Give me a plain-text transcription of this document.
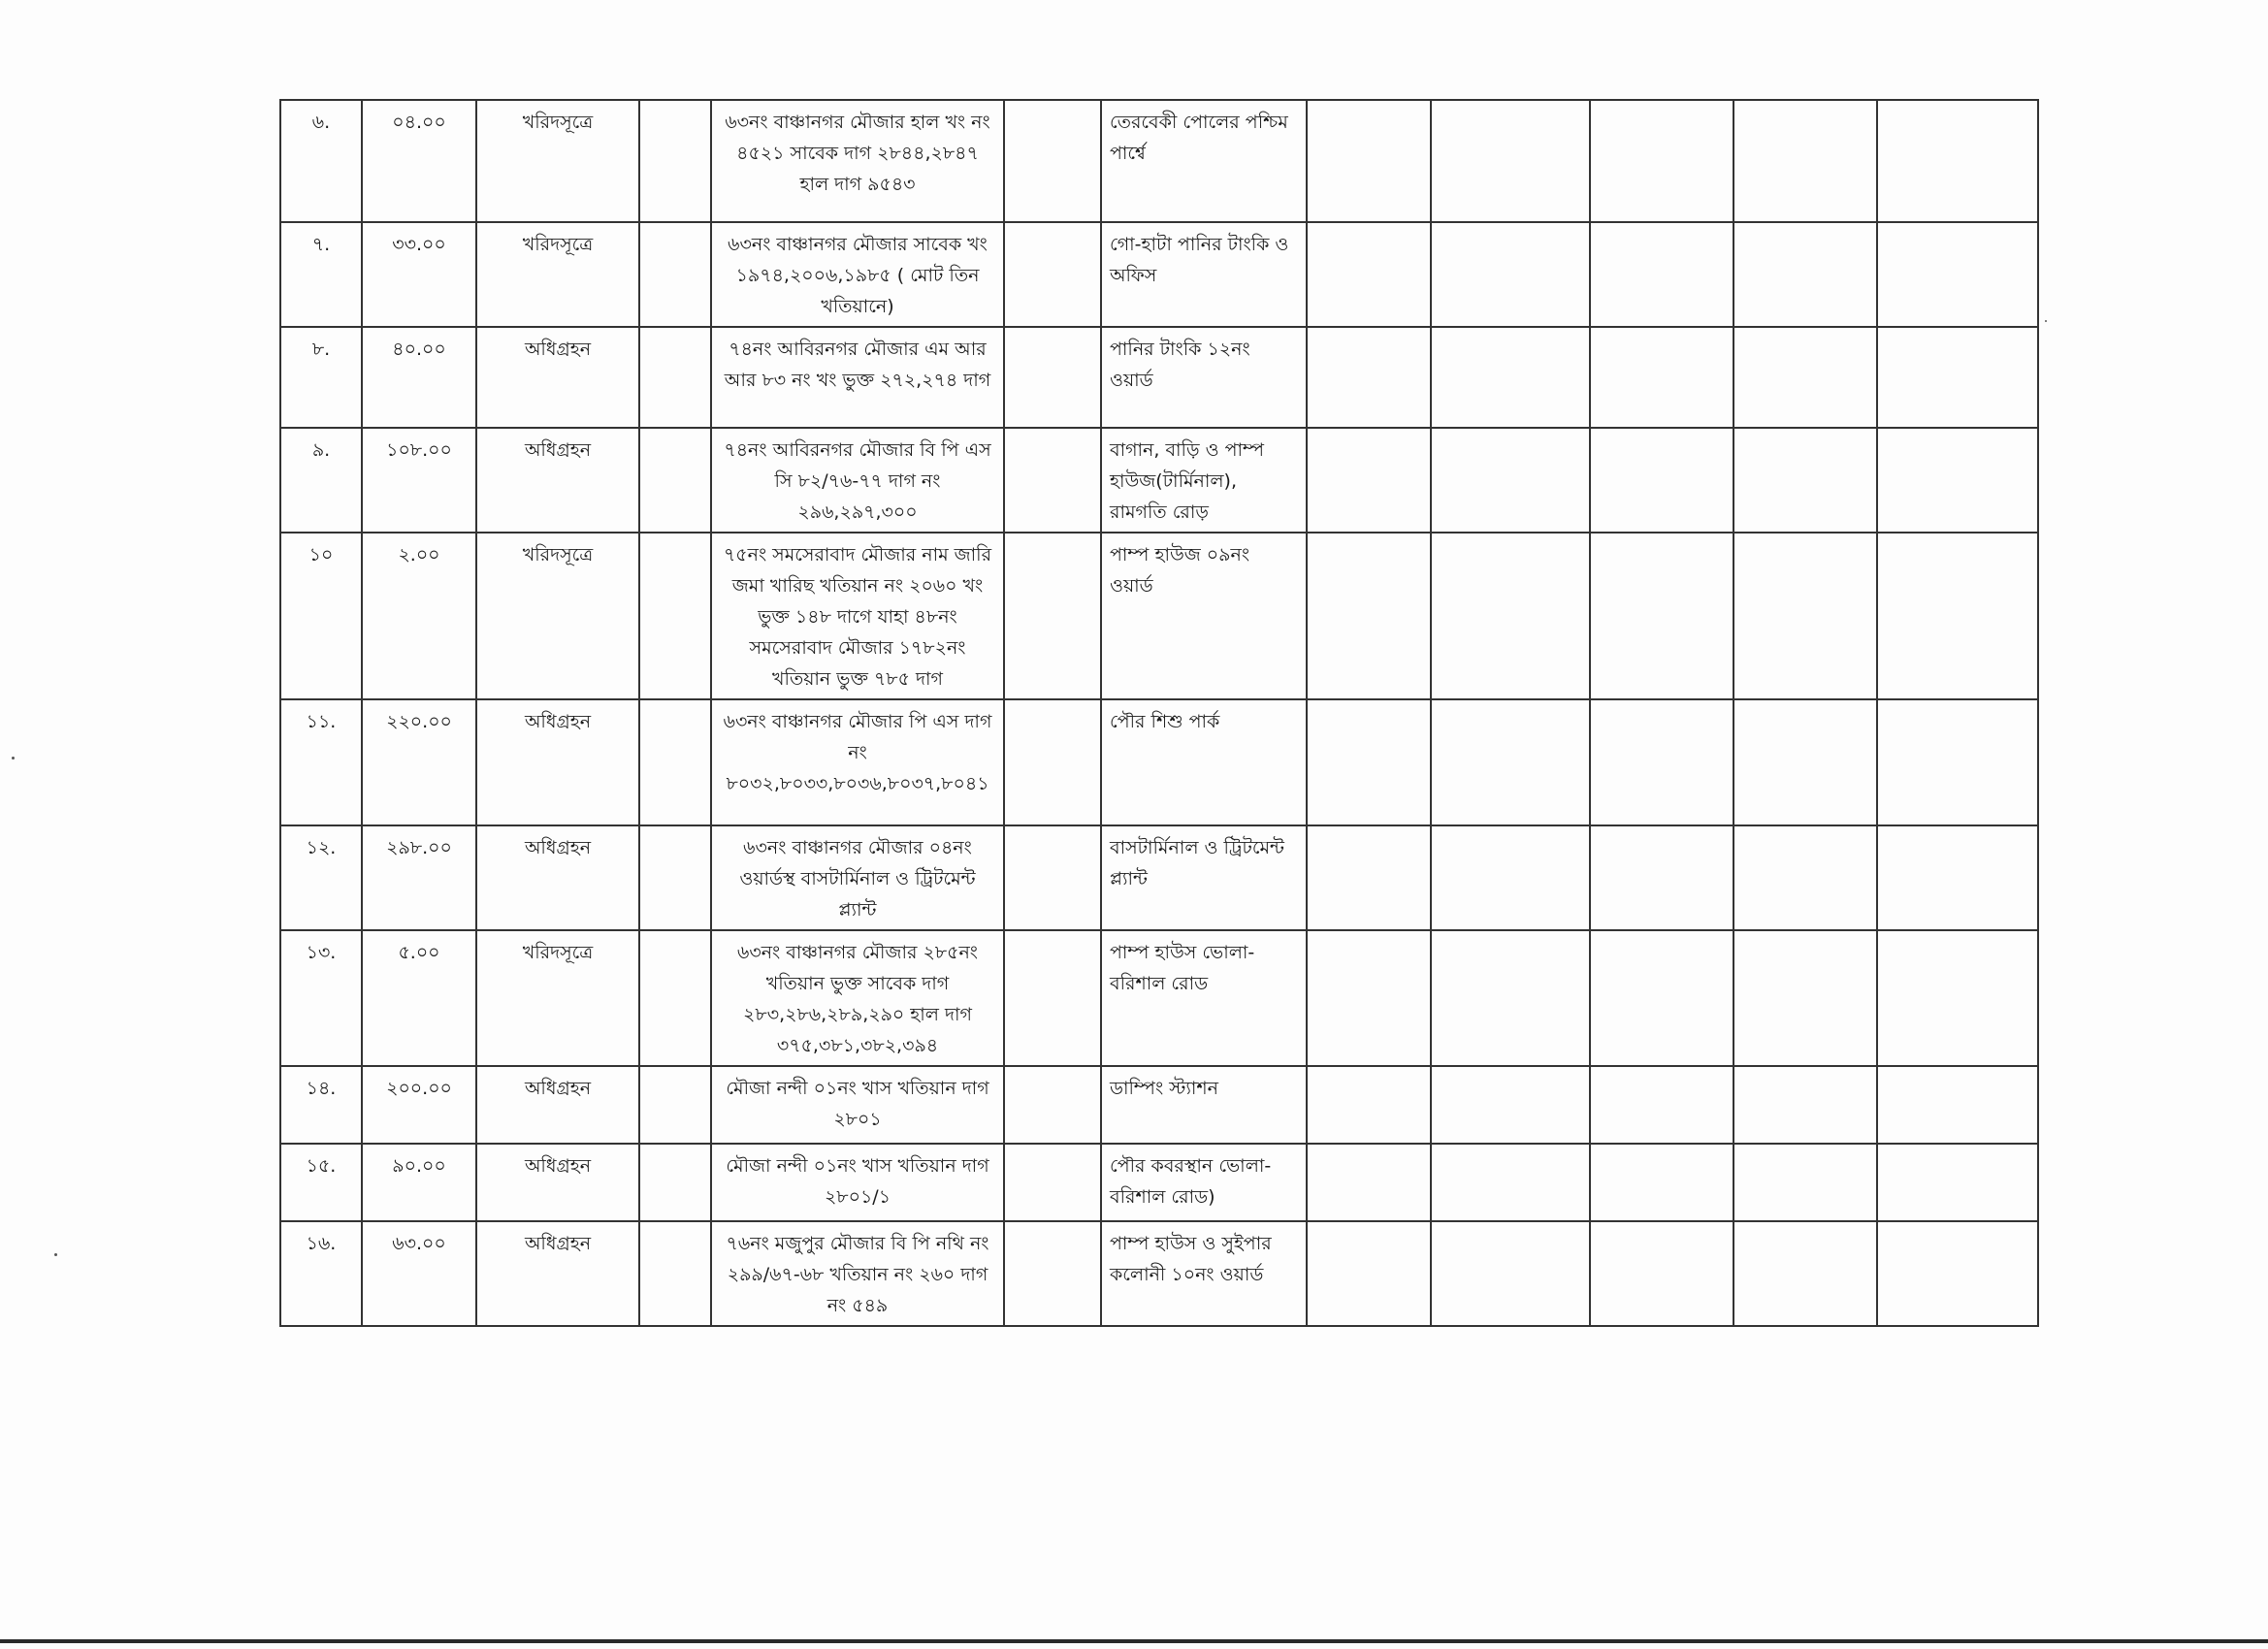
৬.	০৪.০০	খরিদসূত্রে		৬৩নং বাঞ্চানগর মৌজার হাল খং নং ৪৫২১ সাবেক দাগ ২৮৪৪,২৮৪৭ হাল দাগ ৯৫৪৩		তেরবেকী পোলের পশ্চিম পার্শ্বে					
৭.	৩৩.০০	খরিদসূত্রে		৬৩নং বাঞ্চানগর মৌজার সাবেক খং ১৯৭৪,২০০৬,১৯৮৫ ( মোট তিন খতিয়ানে)		গো-হাটা পানির টাংকি ও অফিস					
৮.	৪০.০০	অধিগ্রহন		৭৪নং আবিরনগর মৌজার এম আর আর ৮৩ নং খং ভুক্ত ২৭২,২৭৪ দাগ		পানির টাংকি ১২নং ওয়ার্ড					
৯.	১০৮.০০	অধিগ্রহন		৭৪নং আবিরনগর মৌজার বি পি এস সি ৮২/৭৬-৭৭ দাগ নং ২৯৬,২৯৭,৩০০		বাগান, বাড়ি ও পাম্প হাউজ(টার্মিনাল), রামগতি রোড়					
১০	২.০০	খরিদসূত্রে		৭৫নং সমসেরাবাদ মৌজার নাম জারি জমা খারিছ খতিয়ান নং ২০৬০ খং ভুক্ত ১৪৮ দাগে যাহা ৪৮নং সমসেরাবাদ মৌজার ১৭৮২নং খতিয়ান ভুক্ত ৭৮৫ দাগ		পাম্প হাউজ ০৯নং ওয়ার্ড					
১১.	২২০.০০	অধিগ্রহন		৬৩নং বাঞ্চানগর মৌজার পি এস দাগ নং ৮০৩২,৮০৩৩,৮০৩৬,৮০৩৭,৮০৪১		পৌর শিশু পার্ক					
১২.	২৯৮.০০	অধিগ্রহন		৬৩নং বাঞ্চানগর মৌজার ০৪নং ওয়ার্ডস্থ বাসটার্মিনাল ও ট্রিটমেন্ট প্ল্যান্ট		বাসটার্মিনাল ও ট্রিটমেন্ট প্ল্যান্ট					
১৩.	৫.০০	খরিদসূত্রে		৬৩নং বাঞ্চানগর মৌজার ২৮৫নং খতিয়ান ভুক্ত সাবেক দাগ ২৮৩,২৮৬,২৮৯,২৯০ হাল দাগ ৩৭৫,৩৮১,৩৮২,৩৯৪		পাম্প হাউস ভোলা-বরিশাল রোড					
১৪.	২০০.০০	অধিগ্রহন		মৌজা নন্দী ০১নং খাস খতিয়ান দাগ ২৮০১		ডাম্পিং স্ট্যাশন					
১৫.	৯০.০০	অধিগ্রহন		মৌজা নন্দী ০১নং খাস খতিয়ান দাগ ২৮০১/১		পৌর কবরস্থান ভোলা-বরিশাল রোড)					
১৬.	৬৩.০০	অধিগ্রহন		৭৬নং মজুপুর মৌজার বি পি নথি নং ২৯৯/৬৭-৬৮ খতিয়ান নং ২৬০ দাগ নং ৫৪৯		পাম্প হাউস ও সুইপার কলোনী ১০নং ওয়ার্ড					
